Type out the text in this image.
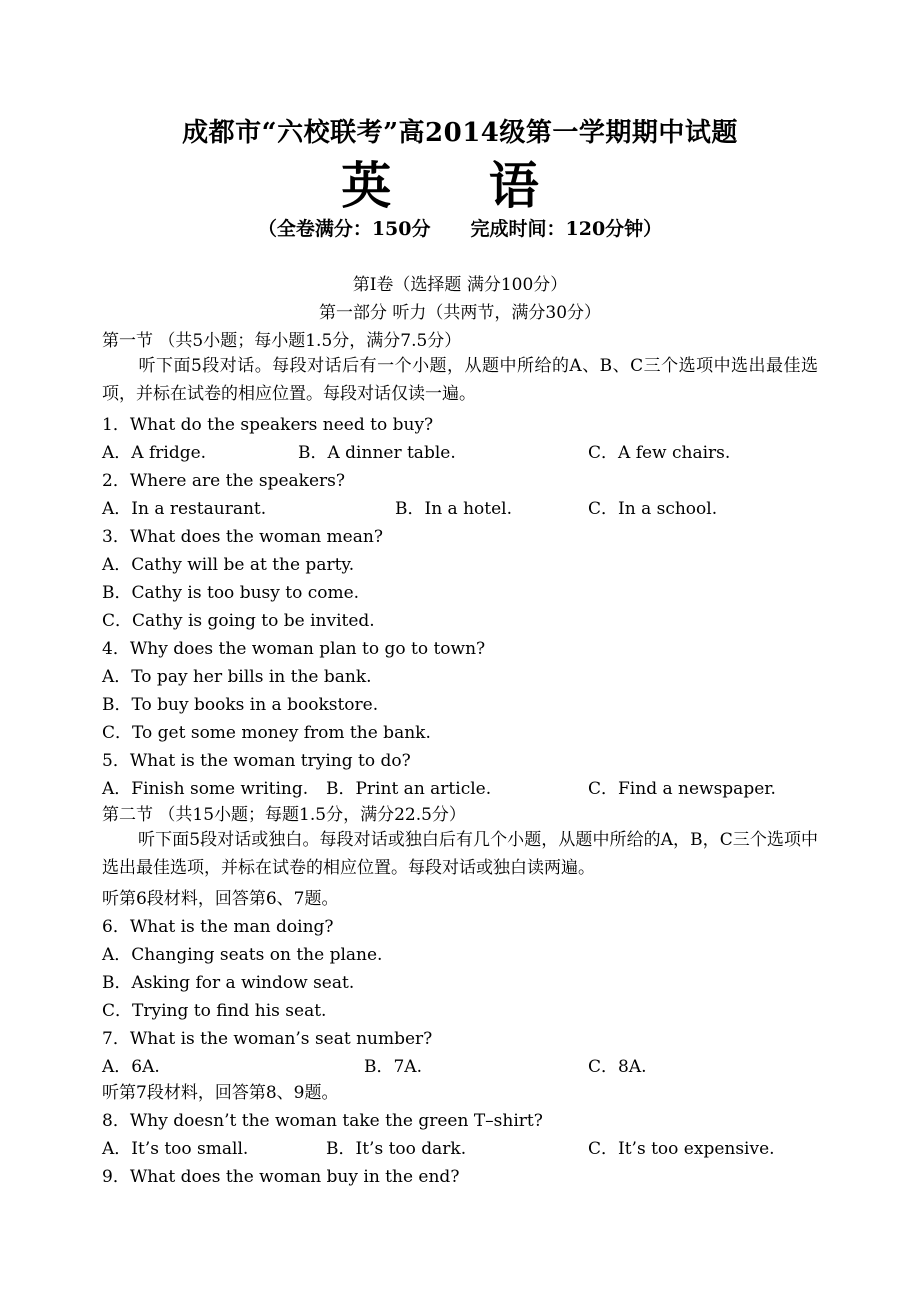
成都市“六校联考”高2014级第一学期期中试题
英 语
（全卷满分：150分 完成时间：120分钟）
第Ⅰ卷（选择题 满分100分）
第一部分 听力（共两节，满分30分）
第一节 （共5小题；每小题1.5分，满分7.5分）
听下面5段对话。每段对话后有一个小题，从题中所给的A、B、C三个选项中选出最佳选项，并标在试卷的相应位置。每段对话仅读一遍。
1．What do the speakers need to buy?
A．A fridge.	B．A dinner table.	C．A few chairs.
2．Where are the speakers?
A．In a restaurant.	B．In a hotel.	C．In a school.
3．What does the woman mean?
A．Cathy will be at the party.
B．Cathy is too busy to come.
C．Cathy is going to be invited.
4．Why does the woman plan to go to town?
A．To pay her bills in the bank.
B．To buy books in a bookstore.
C．To get some money from the bank.
5．What is the woman trying to do?
A．Finish some writing. B．Print an article.	C．Find a newspaper.
第二节 （共15小题；每题1.5分，满分22.5分）
听下面5段对话或独白。每段对话或独白后有几个小题，从题中所给的A，B，C三个选项中选出最佳选项，并标在试卷的相应位置。每段对话或独白读两遍。
听第6段材料，回答第6、7题。
6．What is the man doing?
A．Changing seats on the plane.
B．Asking for a window seat.
C．Trying to find his seat.
7．What is the woman’s seat number?
A．6A.	B．7A.	C．8A.
听第7段材料，回答第8、9题。
8．Why doesn’t the woman take the green T–shirt?
A．It’s too small.	B．It’s too dark.	C．It’s too expensive.
9．What does the woman buy in the end?
